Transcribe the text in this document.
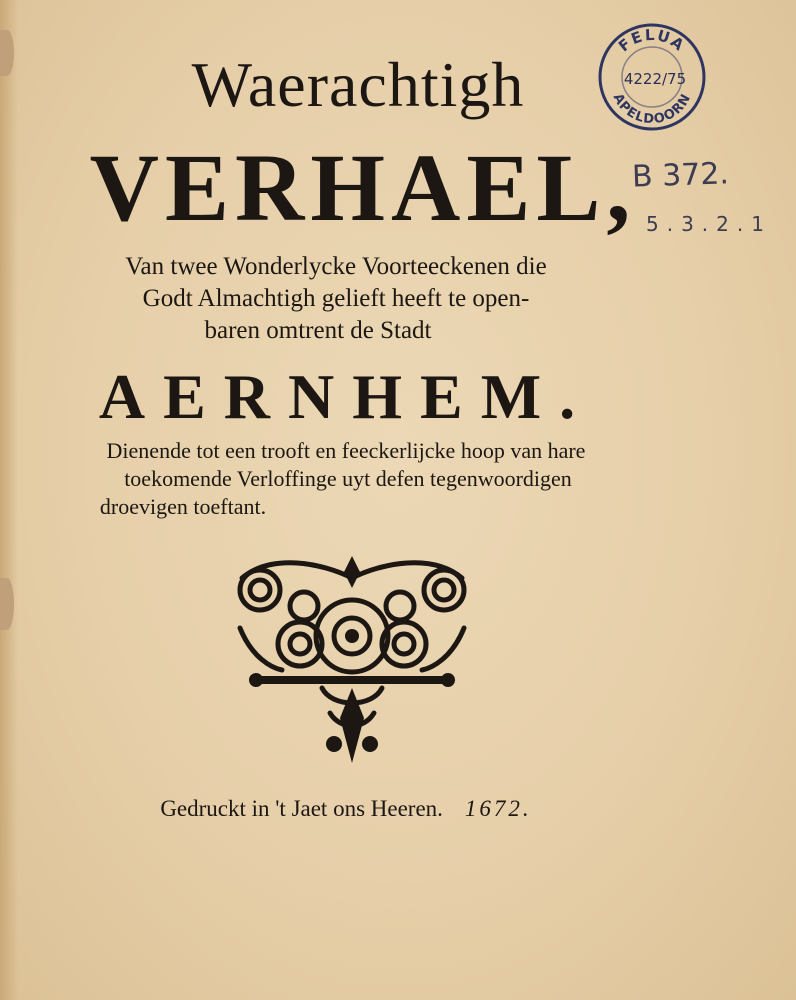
Waerachtigh
VERHAEL,
Van twee Wonderlycke Voorteeckenen die
Godt Almachtigh gelieft heeft te open-
baren omtrent de Stadt
AERNHEM.
Dienende tot een trooft en feeckerlijcke hoop van hare
toekomende Verloffinge uyt defen tegenwoordigen
droevigen toeftant.
FELUA
APELDOORN
4222/75
B 372.
5.3.2.1
Gedruckt in 't Jaet ons Heeren. 1672.
